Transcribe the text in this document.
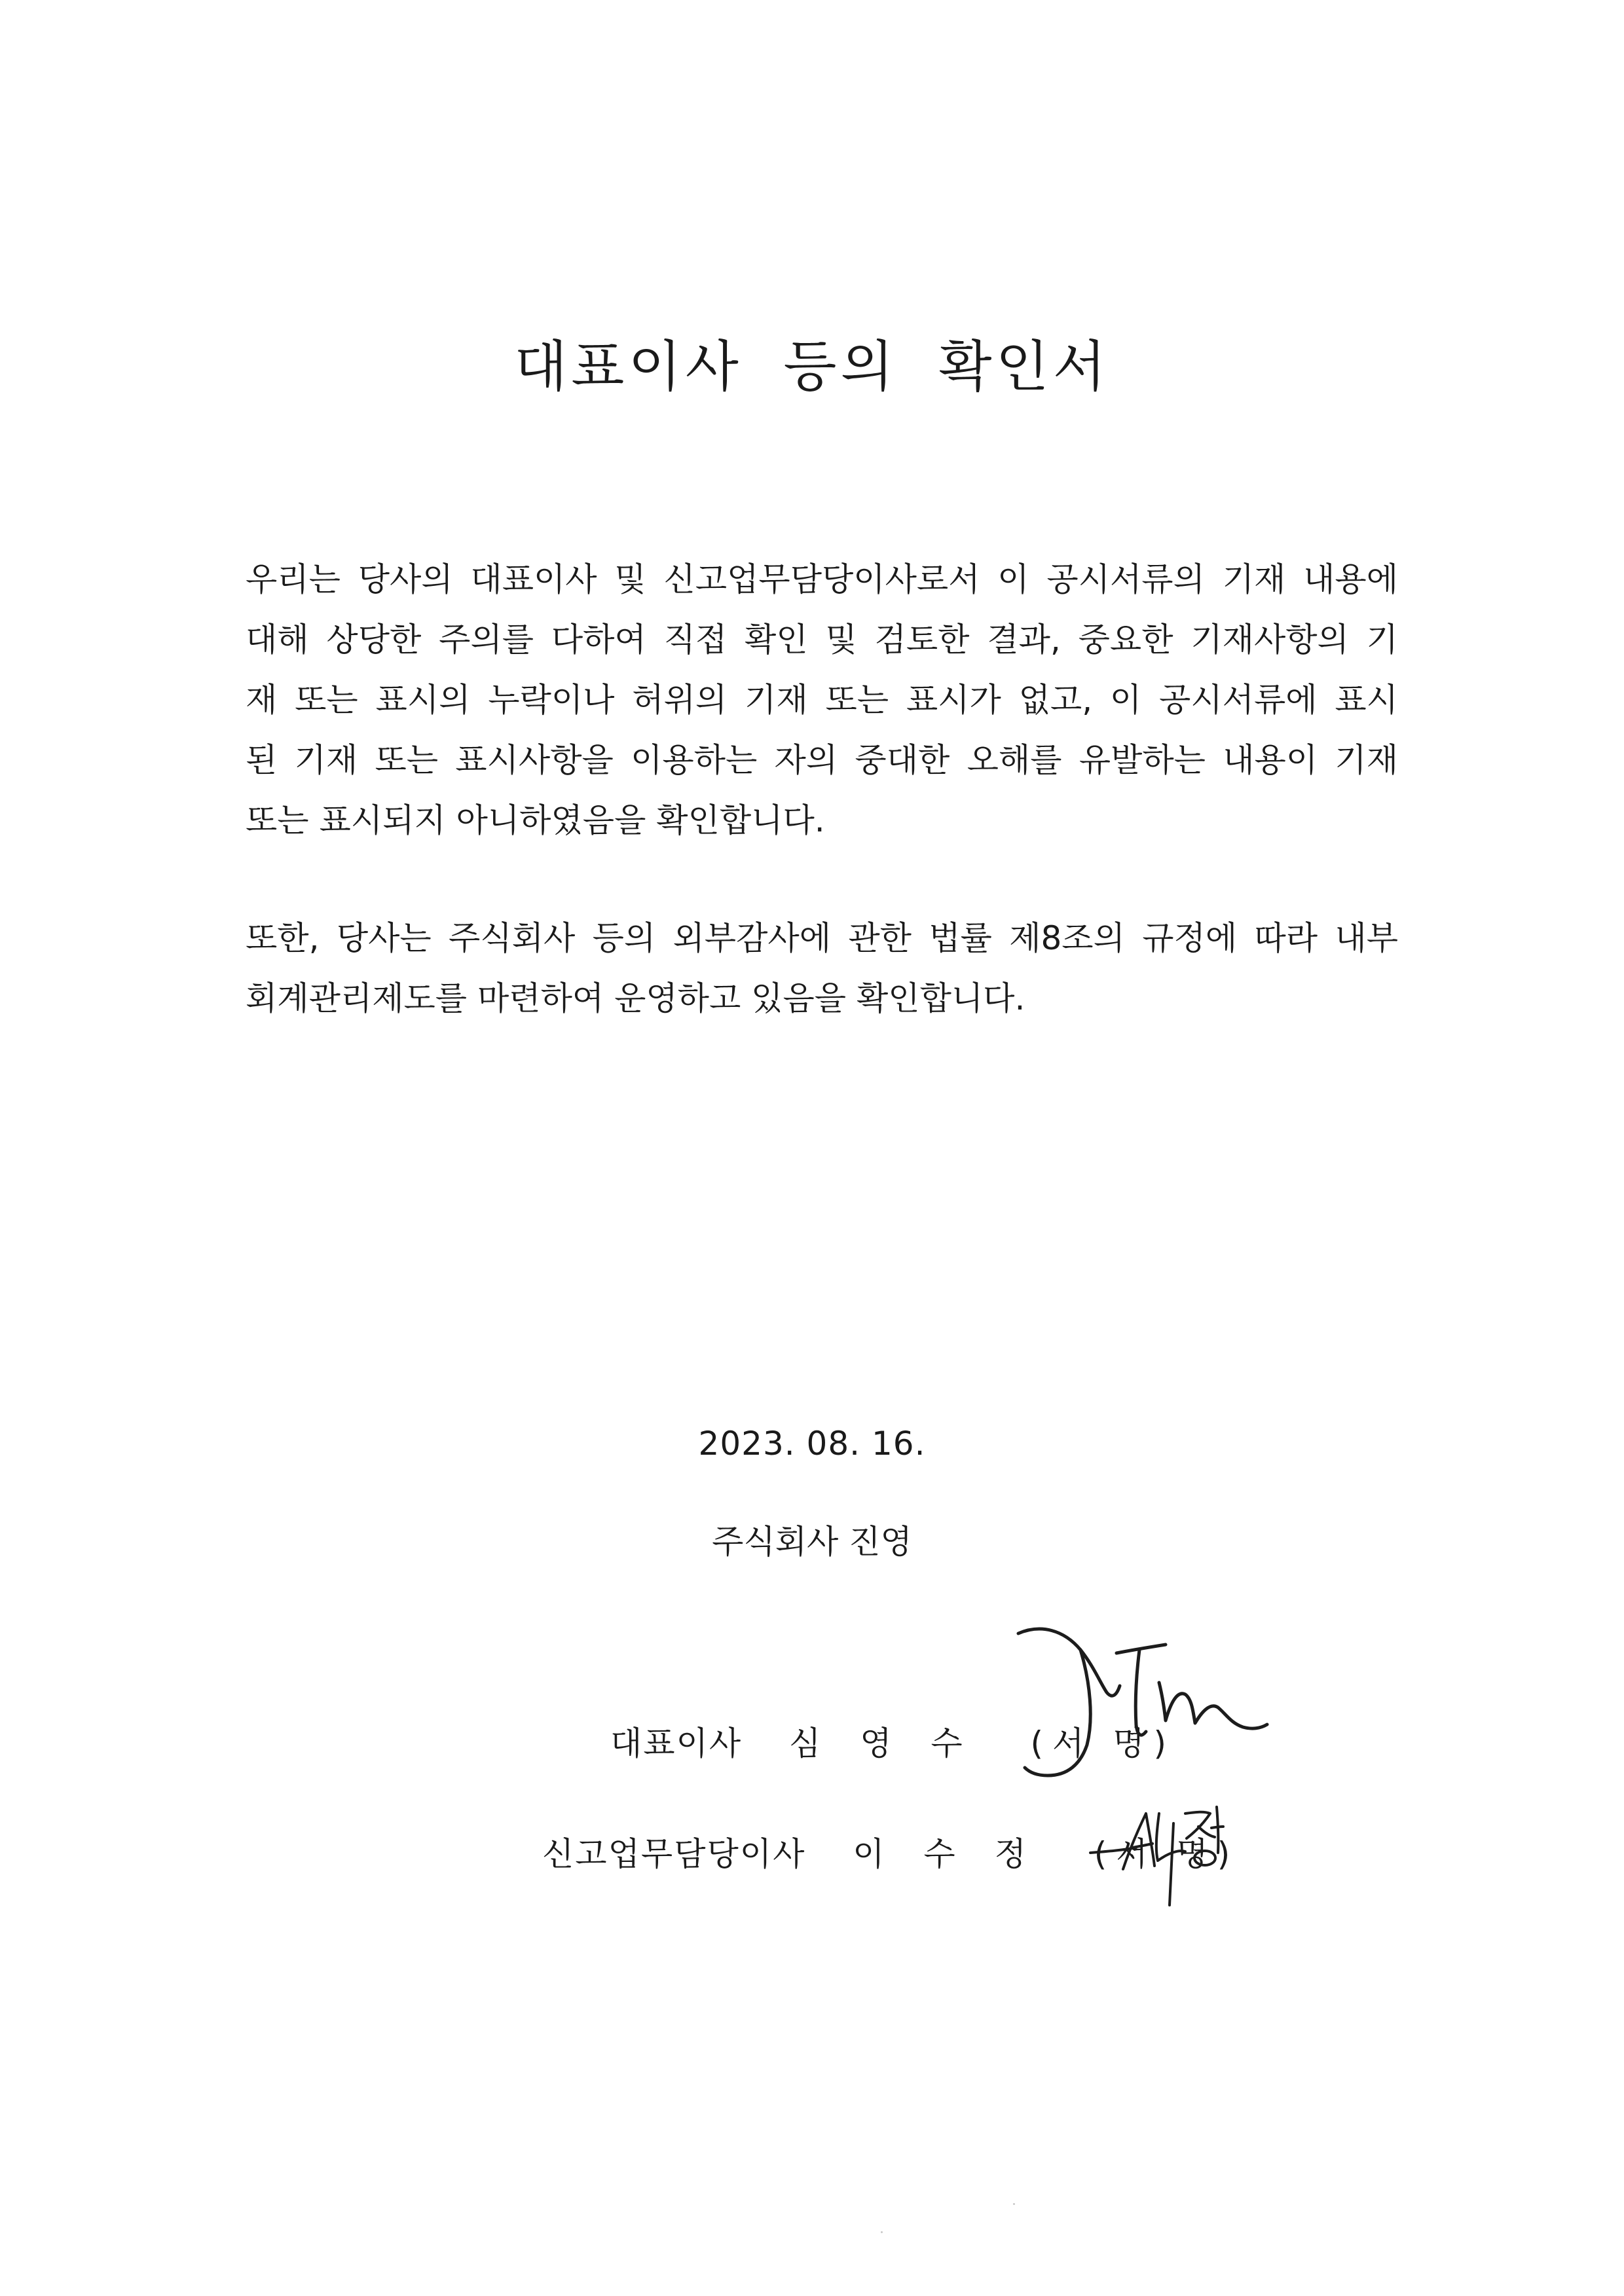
대표이사 등의 확인서
우리는 당사의 대표이사 및 신고업무담당이사로서 이 공시서류의 기재 내용에
대해 상당한 주의를 다하여 직접 확인 및 검토한 결과, 중요한 기재사항의 기
재 또는 표시의 누락이나 허위의 기재 또는 표시가 없고, 이 공시서류에 표시
된 기재 또는 표시사항을 이용하는 자의 중대한 오해를 유발하는 내용이 기재
또는 표시되지 아니하였음을 확인합니다.
또한, 당사는 주식회사 등의 외부감사에 관한 법률 제8조의 규정에 따라 내부
회계관리제도를 마련하여 운영하고 있음을 확인합니다.
2023. 08. 16.
주식회사 진영
대표이사 심 영 수 (서 명)
신고업무담당이사 이 수 정 (서 명)
